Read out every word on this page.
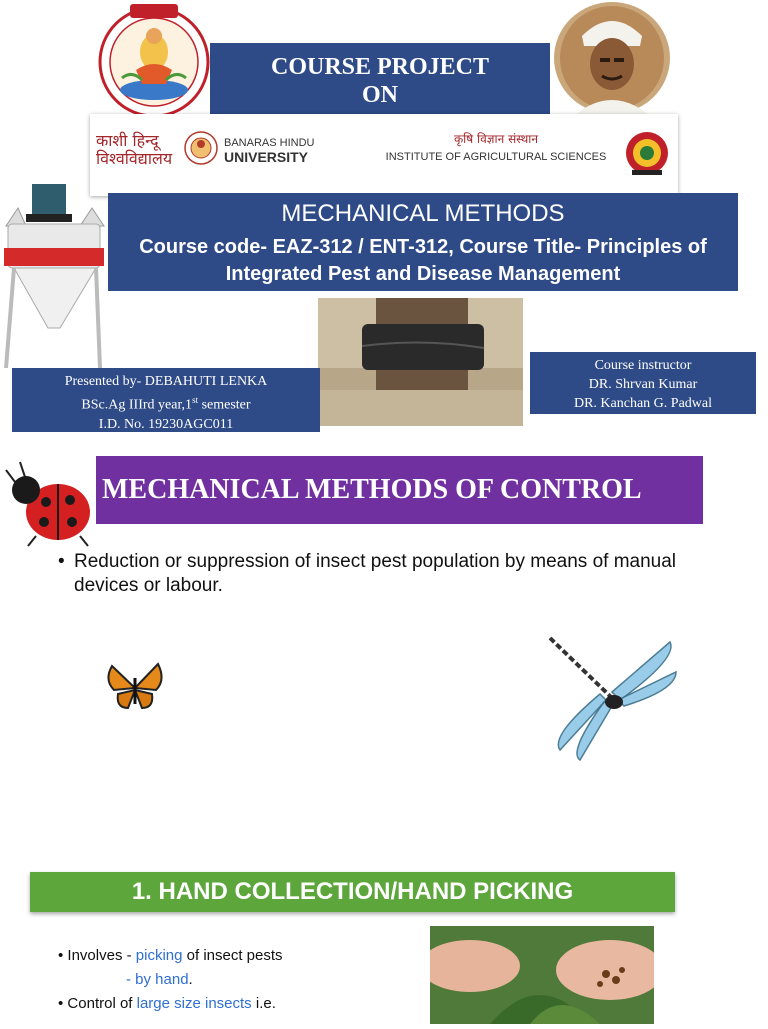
COURSE PROJECT
ON
काशी हिन्दू
विश्वविद्यालय
BANARAS HINDU
UNIVERSITY
कृषि विज्ञान संस्थान
INSTITUTE OF AGRICULTURAL SCIENCES
MECHANICAL METHODS
Course code- EAZ-312 / ENT-312, Course Title- Principles of Integrated Pest and Disease Management
Presented by- DEBAHUTI LENKA
BSc.Ag IIIrd year,1st semester
I.D. No. 19230AGC011
Course instructor
DR. Shrvan Kumar
DR. Kanchan G. Padwal
MECHANICAL METHODS OF CONTROL
• Reduction or suppression of insect pest population by means of manual devices or labour.
1. HAND COLLECTION/HAND PICKING
• Involves - picking of insect pests
- by hand.
• Control of large size insects i.e.
